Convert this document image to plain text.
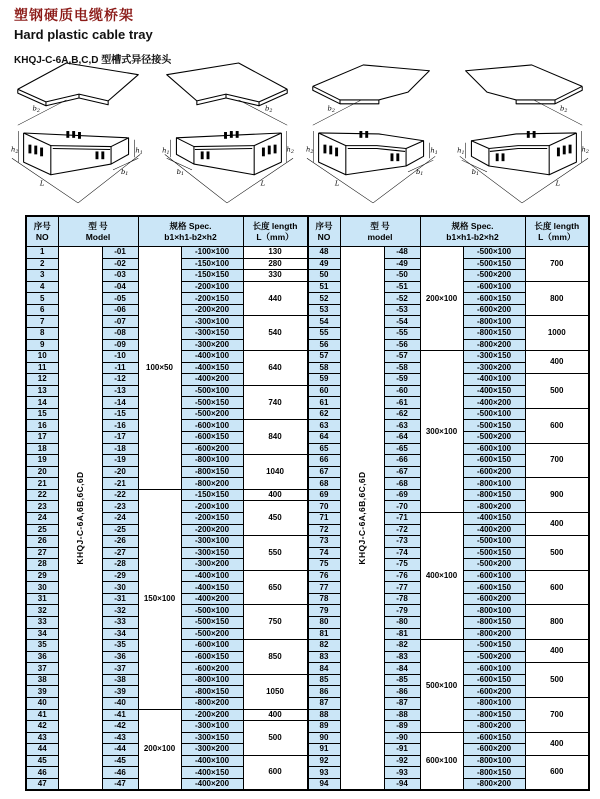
塑钢硬质电缆桥架
Hard plastic cable tray
KHQJ-C-6A,B,C,D 型槽式异径接头
$b_2$
$h_2$	$h_1$
$b_1$
L
$b_2$
$h_2$
$h_1$
$b_1$
L
$b_2$
$h_2$	$h_1$
$b_1$
L
$b_2$
$h_2$
$h_1$
$b_1$
L
序号
NO

型 号
Model

规格 Spec.
b1×h1-b2×h2

长度 length
L（mm）

1	KHQJ-C-6A,6B,6C,6D	-01	100×50	-100×100	130
2		-02		-150×100	280
3		-03		-150×150	330
4		-04		-200×100	440
5		-05		-200×150	
6		-06		-200×200	
7		-07		-300×100	540
8		-08		-300×150	
9		-09		-300×200	
10		-10		-400×100	640
11		-11		-400×150	
12		-12		-400×200	
13		-13		-500×100	740
14		-14		-500×150	
15		-15		-500×200	
16		-16		-600×100	840
17		-17		-600×150	
18		-18		-600×200	
19		-19		-800×100	1040
20		-20		-800×150	
21		-21		-800×200	
22		-22	150×100	-150×150	400
23		-23		-200×100	450
24		-24		-200×150	
25		-25		-200×200	
26		-26		-300×100	550
27		-27		-300×150	
28		-28		-300×200	
29		-29		-400×100	650
30		-30		-400×150	
31		-31		-400×200	
32		-32		-500×100	750
33		-33		-500×150	
34		-34		-500×200	
35		-35		-600×100	850
36		-36		-600×150	
37		-37		-600×200	
38		-38		-800×100	1050
39		-39		-800×150	
40		-40		-800×200	
41		-41	200×100	-200×200	400
42		-42		-300×100	500
43		-43		-300×150	
44		-44		-300×200	
45		-45		-400×100	600
46		-46		-400×150	
47		-47		-400×200	
序号
NO

型 号
model

规格 Spec.
b1×h1-b2×h2

长度 length
L（mm）

48	KHQJ-C-6A,6B,6C,6D	-48	200×100	-500×100	700
49		-49		-500×150	
50		-50		-500×200	
51		-51		-600×100	800
52		-52		-600×150	
53		-53		-600×200	
54		-54		-800×100	1000
55		-55		-800×150	
56		-56		-800×200	
57		-57	300×100	-300×150	400
58		-58		-300×200	
59		-59		-400×100	500
60		-60		-400×150	
61		-61		-400×200	
62		-62		-500×100	600
63		-63		-500×150	
64		-64		-500×200	
65		-65		-600×100	700
66		-66		-600×150	
67		-67		-600×200	
68		-68		-800×100	900
69		-69		-800×150	
70		-70		-800×200	
71		-71	400×100	-400×150	400
72		-72		-400×200	
73		-73		-500×100	500
74		-74		-500×150	
75		-75		-500×200	
76		-76		-600×100	600
77		-77		-600×150	
78		-78		-600×200	
79		-79		-800×100	800
80		-80		-800×150	
81		-81		-800×200	
82		-82	500×100	-500×150	400
83		-83		-500×200	
84		-84		-600×100	500
85		-85		-600×150	
86		-86		-600×200	
87		-87		-800×100	700
88		-88		-800×150	
89		-89		-800×200	
90		-90	600×100	-600×150	400
91		-91		-600×200	
92		-92		-800×100	600
93		-93		-800×150	
94		-94		-800×200	
